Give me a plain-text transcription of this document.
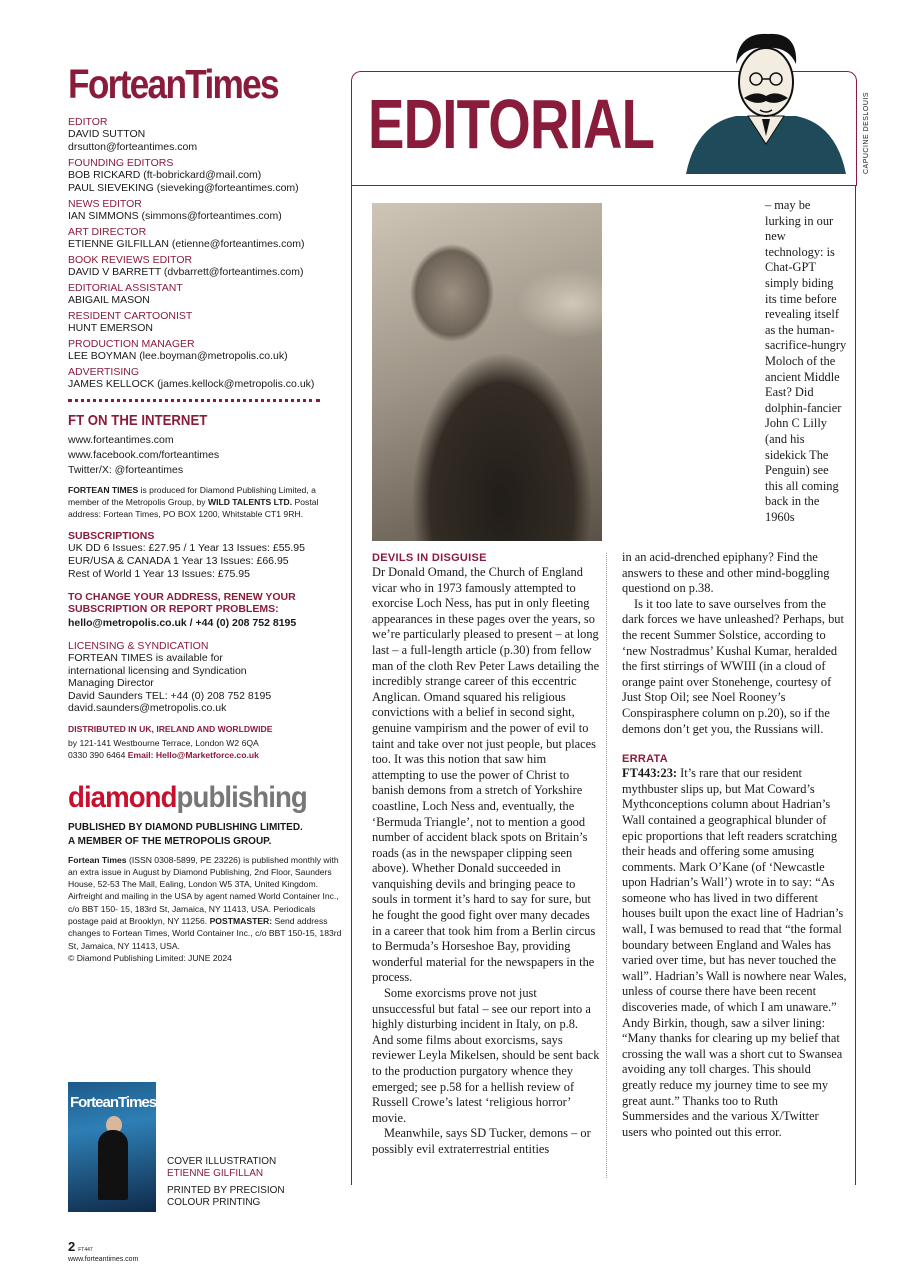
ForteanTimes
EDITOR
DAVID SUTTON
drsutton@forteantimes.com
FOUNDING EDITORS
BOB RICKARD (ft-bobrickard@mail.com)
PAUL SIEVEKING (sieveking@forteantimes.com)
NEWS EDITOR
IAN SIMMONS (simmons@forteantimes.com)
ART DIRECTOR
ETIENNE GILFILLAN (etienne@forteantimes.com)
BOOK REVIEWS EDITOR
DAVID V BARRETT (dvbarrett@forteantimes.com)
EDITORIAL ASSISTANT
ABIGAIL MASON
RESIDENT CARTOONIST
HUNT EMERSON
PRODUCTION MANAGER
LEE BOYMAN (lee.boyman@metropolis.co.uk)
ADVERTISING
JAMES KELLOCK (james.kellock@metropolis.co.uk)
FT ON THE INTERNET
www.forteantimes.com
www.facebook.com/forteantimes
Twitter/X: @forteantimes
FORTEAN TIMES is produced for Diamond Publishing Limited, a member of the Metropolis Group, by WILD TALENTS LTD. Postal address: Fortean Times, PO BOX 1200, Whitstable CT1 9RH.
SUBSCRIPTIONS
UK DD 6 Issues: £27.95 / 1 Year 13 Issues: £55.95
EUR/USA & CANADA 1 Year 13 Issues: £66.95
Rest of World 1 Year 13 Issues: £75.95
TO CHANGE YOUR ADDRESS, RENEW YOUR SUBSCRIPTION OR REPORT PROBLEMS:
hello@metropolis.co.uk / +44 (0) 208 752 8195
LICENSING & SYNDICATION
FORTEAN TIMES is available for
international licensing and Syndication
Managing Director
David Saunders TEL: +44 (0) 208 752 8195
david.saunders@metropolis.co.uk
DISTRIBUTED IN UK, IRELAND AND WORLDWIDE
by 121-141 Westbourne Terrace, London W2 6QA
0330 390 6464 Email: Hello@Marketforce.co.uk
diamondpublishing
PUBLISHED BY DIAMOND PUBLISHING LIMITED.
A MEMBER OF THE METROPOLIS GROUP.
Fortean Times (ISSN 0308-5899, PE 23226) is published monthly with an extra issue in August by Diamond Publishing, 2nd Floor, Saunders House, 52-53 The Mall, Ealing, London W5 3TA, United Kingdom. Airfreight and mailing in the USA by agent named World Container Inc., c/o BBT 150- 15, 183rd St, Jamaica, NY 11413, USA. Periodicals postage paid at Brooklyn, NY 11256. POSTMASTER: Send address changes to Fortean Times, World Container Inc., c/o BBT 150-15, 183rd St, Jamaica, NY 11413, USA.
© Diamond Publishing Limited: JUNE 2024
ForteanTimes
COVER ILLUSTRATION
ETIENNE GILFILLAN
PRINTED BY PRECISION
COLOUR PRINTING
EDITORIAL	CAPUCINE DESLOUIS

– may be lurking in our new technology: is Chat-GPT simply biding its time before revealing itself as the human-sacrifice-hungry Moloch of the ancient Middle East? Did dolphin-fancier John C Lilly (and his sidekick The Penguin) see this all coming back in the 1960s

DEVILS IN DISGUISE

Dr Donald Omand, the Church of England vicar who in 1973 famously attempted to exorcise Loch Ness, has put in only fleeting appearances in these pages over the years, so we’re particularly pleased to present – at long last – a full-length article (p.30) from fellow man of the cloth Rev Peter Laws detailing the incredibly strange career of this eccentric Anglican. Omand squared his religious convictions with a belief in second sight, genuine vampirism and the power of evil to taint and take over not just people, but places too. It was this notion that saw him attempting to use the power of Christ to banish demons from a stretch of Yorkshire coastline, Loch Ness and, eventually, the ‘Bermuda Triangle’, not to mention a good number of accident black spots on Britain’s roads (as in the newspaper clipping seen above). Whether Donald succeeded in vanquishing devils and bringing peace to souls in torment it’s hard to say for sure, but he fought the good fight over many decades in a career that took him from a Berlin circus to Bermuda’s Horseshoe Bay, providing wonderful material for the newspapers in the process.

Some exorcisms prove not just unsuccessful but fatal – see our report into a highly disturbing incident in Italy, on p.8. And some films about exorcisms, says reviewer Leyla Mikelsen, should be sent back to the production purgatory whence they emerged; see p.58 for a hellish review of Russell Crowe’s latest ‘religious horror’ movie.

Meanwhile, says SD Tucker, demons – or possibly evil extraterrestrial entities

in an acid-drenched epiphany? Find the answers to these and other mind-boggling questiond on p.38.

Is it too late to save ourselves from the dark forces we have unleashed? Perhaps, but the recent Summer Solstice, according to ‘new Nostradmus’ Kushal Kumar, heralded the first stirrings of WWIII (in a cloud of orange paint over Stonehenge, courtesy of Just Stop Oil; see Noel Rooney’s Conspirasphere column on p.20), so if the demons don’t get you, the Russians will.

ERRATA

FT443:23: It’s rare that our resident mythbuster slips up, but Mat Coward’s Mythconceptions column about Hadrian’s Wall contained a geographical blunder of epic proportions that left readers scratching their heads and offering some amusing comments. Mark O’Kane (of ‘Newcastle upon Hadrian’s Wall’) wrote in to say: “As someone who has lived in two different houses built upon the exact line of Hadrian’s wall, I was bemused to read that “the formal boundary between England and Wales has varied over time, but has never touched the wall”. Hadrian’s Wall is nowhere near Wales, unless of course there have been recent discoveries made, of which I am unaware.” Andy Birkin, though, saw a silver lining: “Many thanks for clearing up my belief that crossing the wall was a short cut to Swansea avoiding any toll charges. This should greatly reduce my journey time to see my great aunt.” Thanks too to Ruth Summersides and the various X/Twitter users who pointed out this error.

2 FT447
www.forteantimes.com
